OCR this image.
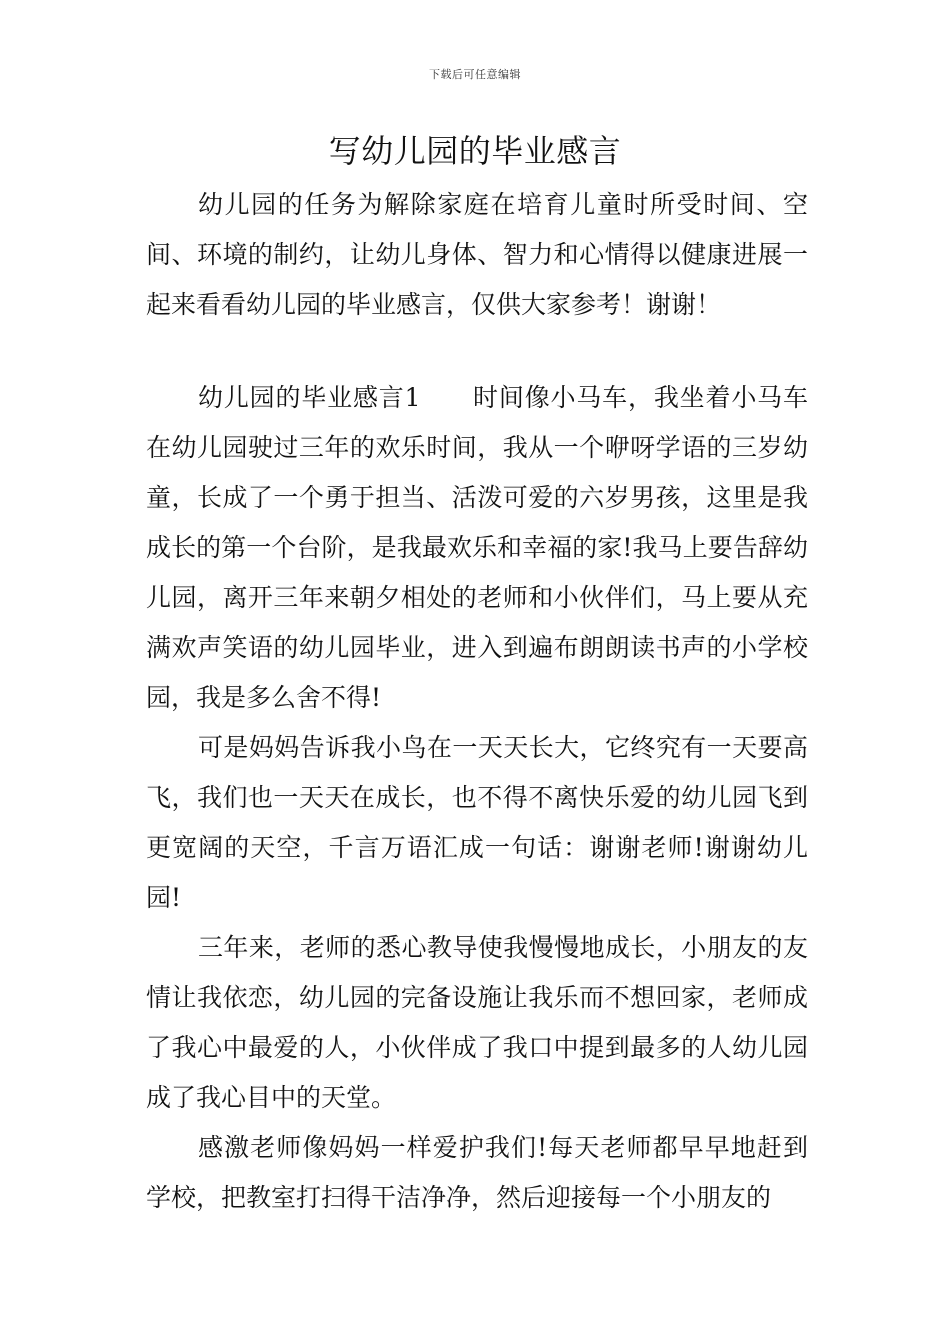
下载后可任意编辑
写幼儿园的毕业感言

幼儿园的任务为解除家庭在培育儿童时所受时间、空间、环境的制约，让幼儿身体、智力和心情得以健康进展一起来看看幼儿园的毕业感言，仅供大家参考！谢谢！

幼儿园的毕业感言1　　时间像小马车，我坐着小马车在幼儿园驶过三年的欢乐时间，我从一个咿呀学语的三岁幼童，长成了一个勇于担当、活泼可爱的六岁男孩，这里是我成长的第一个台阶，是我最欢乐和幸福的家!我马上要告辞幼儿园，离开三年来朝夕相处的老师和小伙伴们，马上要从充满欢声笑语的幼儿园毕业，进入到遍布朗朗读书声的小学校园，我是多么舍不得!

可是妈妈告诉我小鸟在一天天长大，它终究有一天要高飞，我们也一天天在成长，也不得不离快乐爱的幼儿园飞到更宽阔的天空，千言万语汇成一句话：谢谢老师!谢谢幼儿园!

三年来，老师的悉心教导使我慢慢地成长，小朋友的友情让我依恋，幼儿园的完备设施让我乐而不想回家，老师成了我心中最爱的人，小伙伴成了我口中提到最多的人幼儿园成了我心目中的天堂。

感激老师像妈妈一样爱护我们!每天老师都早早地赶到学校，把教室打扫得干洁净净，然后迎接每一个小朋友的
